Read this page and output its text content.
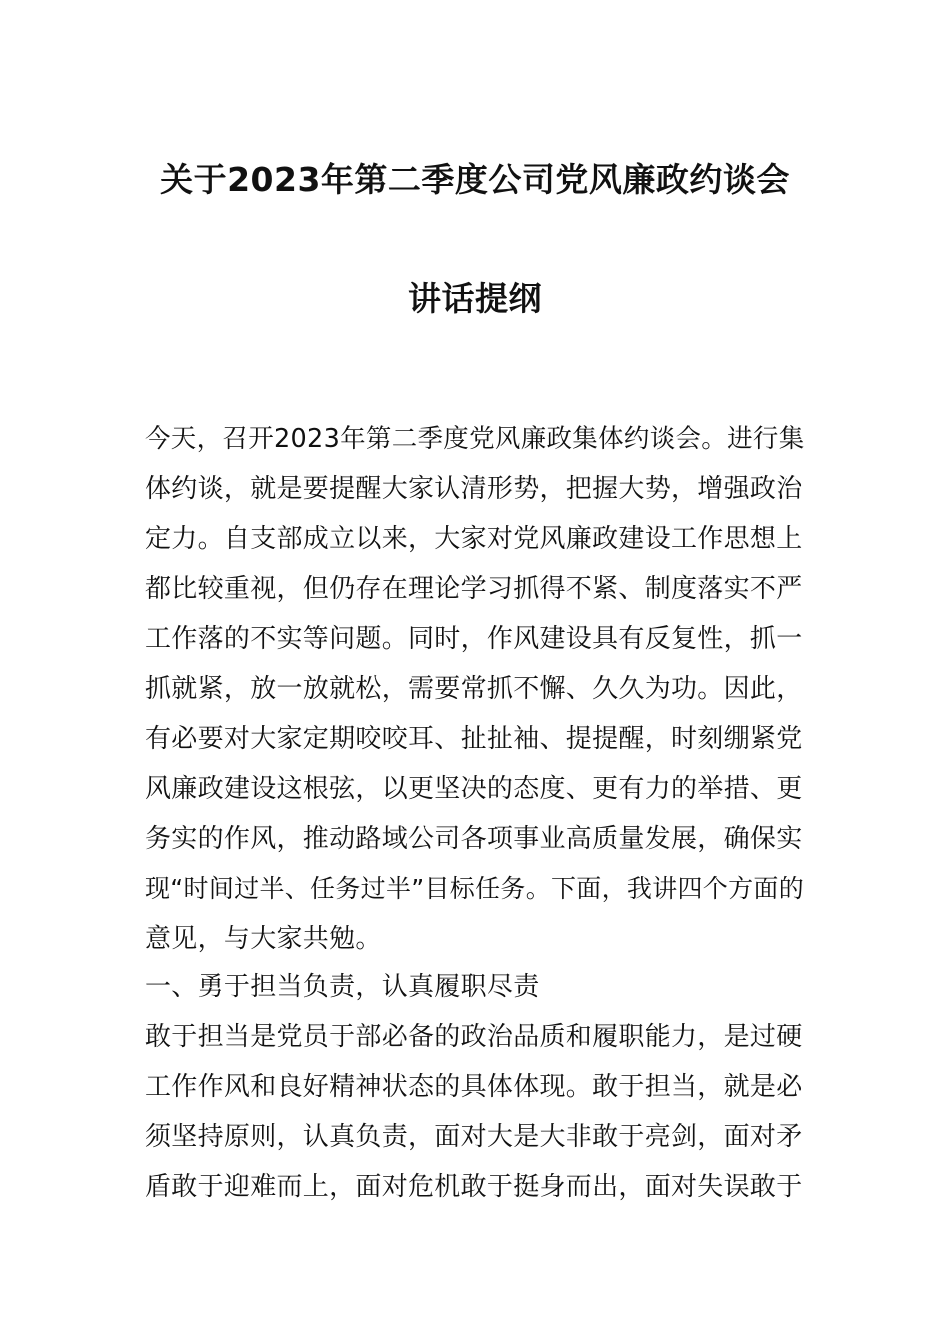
关于2023年第二季度公司党风廉政约谈会
讲话提纲
今天，召开2023年第二季度党风廉政集体约谈会。进行集
体约谈，就是要提醒大家认清形势，把握大势，增强政治
定力。自支部成立以来，大家对党风廉政建设工作思想上
都比较重视，但仍存在理论学习抓得不紧、制度落实不严
工作落的不实等问题。同时，作风建设具有反复性，抓一
抓就紧，放一放就松，需要常抓不懈、久久为功。因此，
有必要对大家定期咬咬耳、扯扯袖、提提醒，时刻绷紧党
风廉政建设这根弦，以更坚决的态度、更有力的举措、更
务实的作风，推动路域公司各项事业高质量发展，确保实
现“时间过半、任务过半”目标任务。下面，我讲四个方面的
意见，与大家共勉。
一、勇于担当负责，认真履职尽责
敢于担当是党员于部必备的政治品质和履职能力，是过硬
工作作风和良好精神状态的具体体现。敢于担当，就是必
须坚持原则，认真负责，面对大是大非敢于亮剑，面对矛
盾敢于迎难而上，面对危机敢于挺身而出，面对失误敢于
